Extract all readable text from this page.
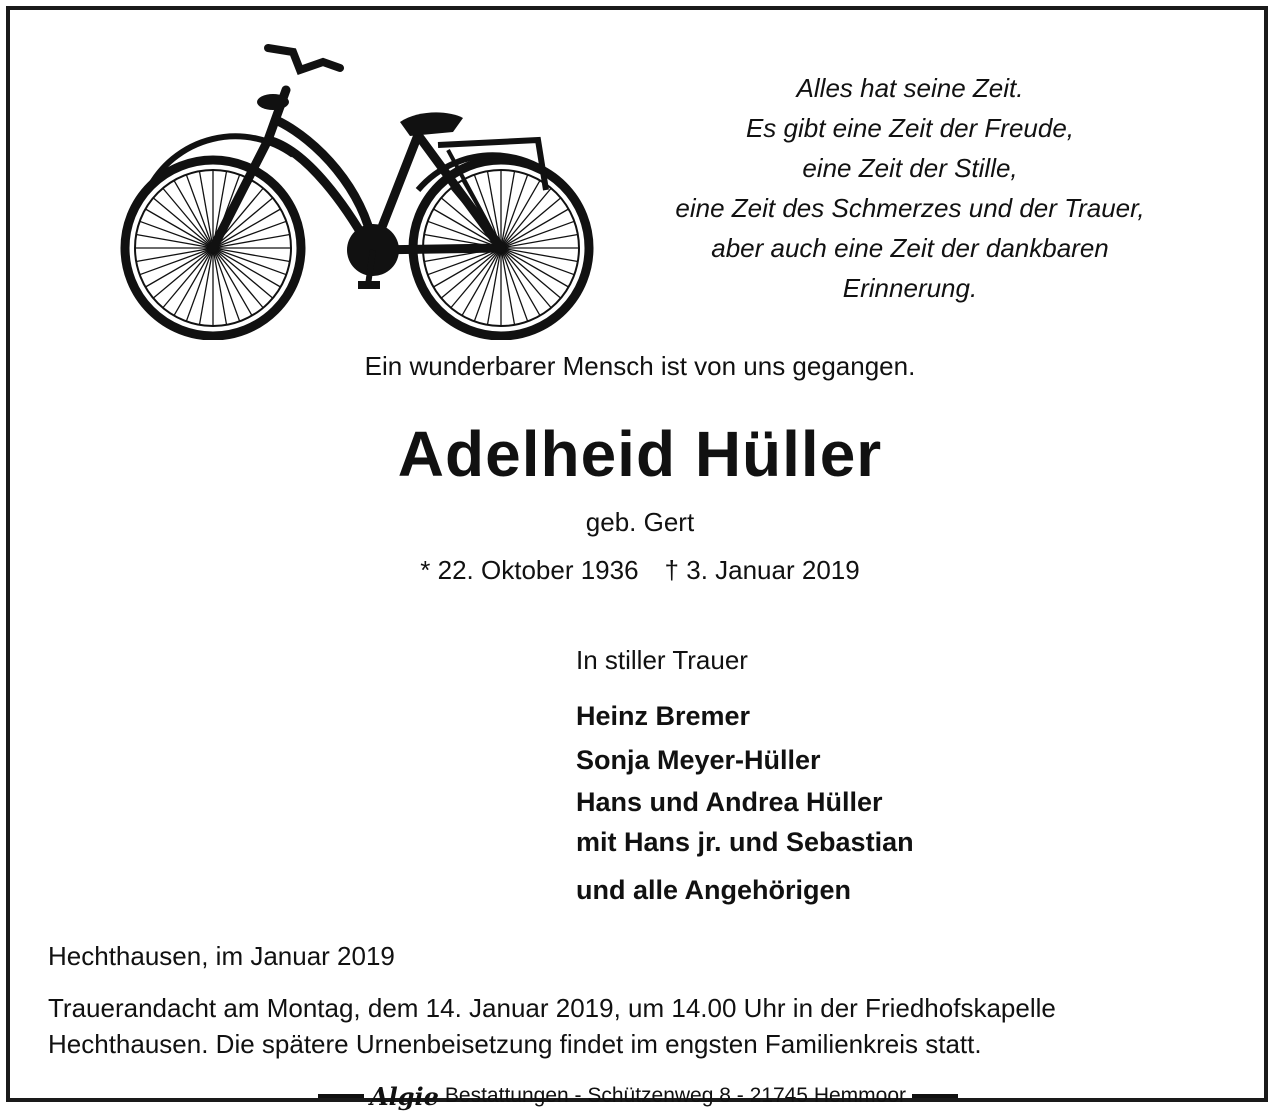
Alles hat seine Zeit.
Es gibt eine Zeit der Freude,
eine Zeit der Stille,
eine Zeit des Schmerzes und der Trauer,
aber auch eine Zeit der dankbaren
Erinnerung.
Ein wunderbarer Mensch ist von uns gegangen.
Adelheid Hüller
geb. Gert
* 22. Oktober 1936 † 3. Januar 2019
In stiller Trauer
Heinz Bremer
Sonja Meyer-Hüller
Hans und Andrea Hüller
mit Hans jr. und Sebastian
und alle Angehörigen
Hechthausen, im Januar 2019
Trauerandacht am Montag, dem 14. Januar 2019, um 14.00 Uhr in der Friedhofskapelle
Hechthausen. Die spätere Urnenbeisetzung findet im engsten Familienkreis statt.
Algie Bestattungen - Schützenweg 8 - 21745 Hemmoor
